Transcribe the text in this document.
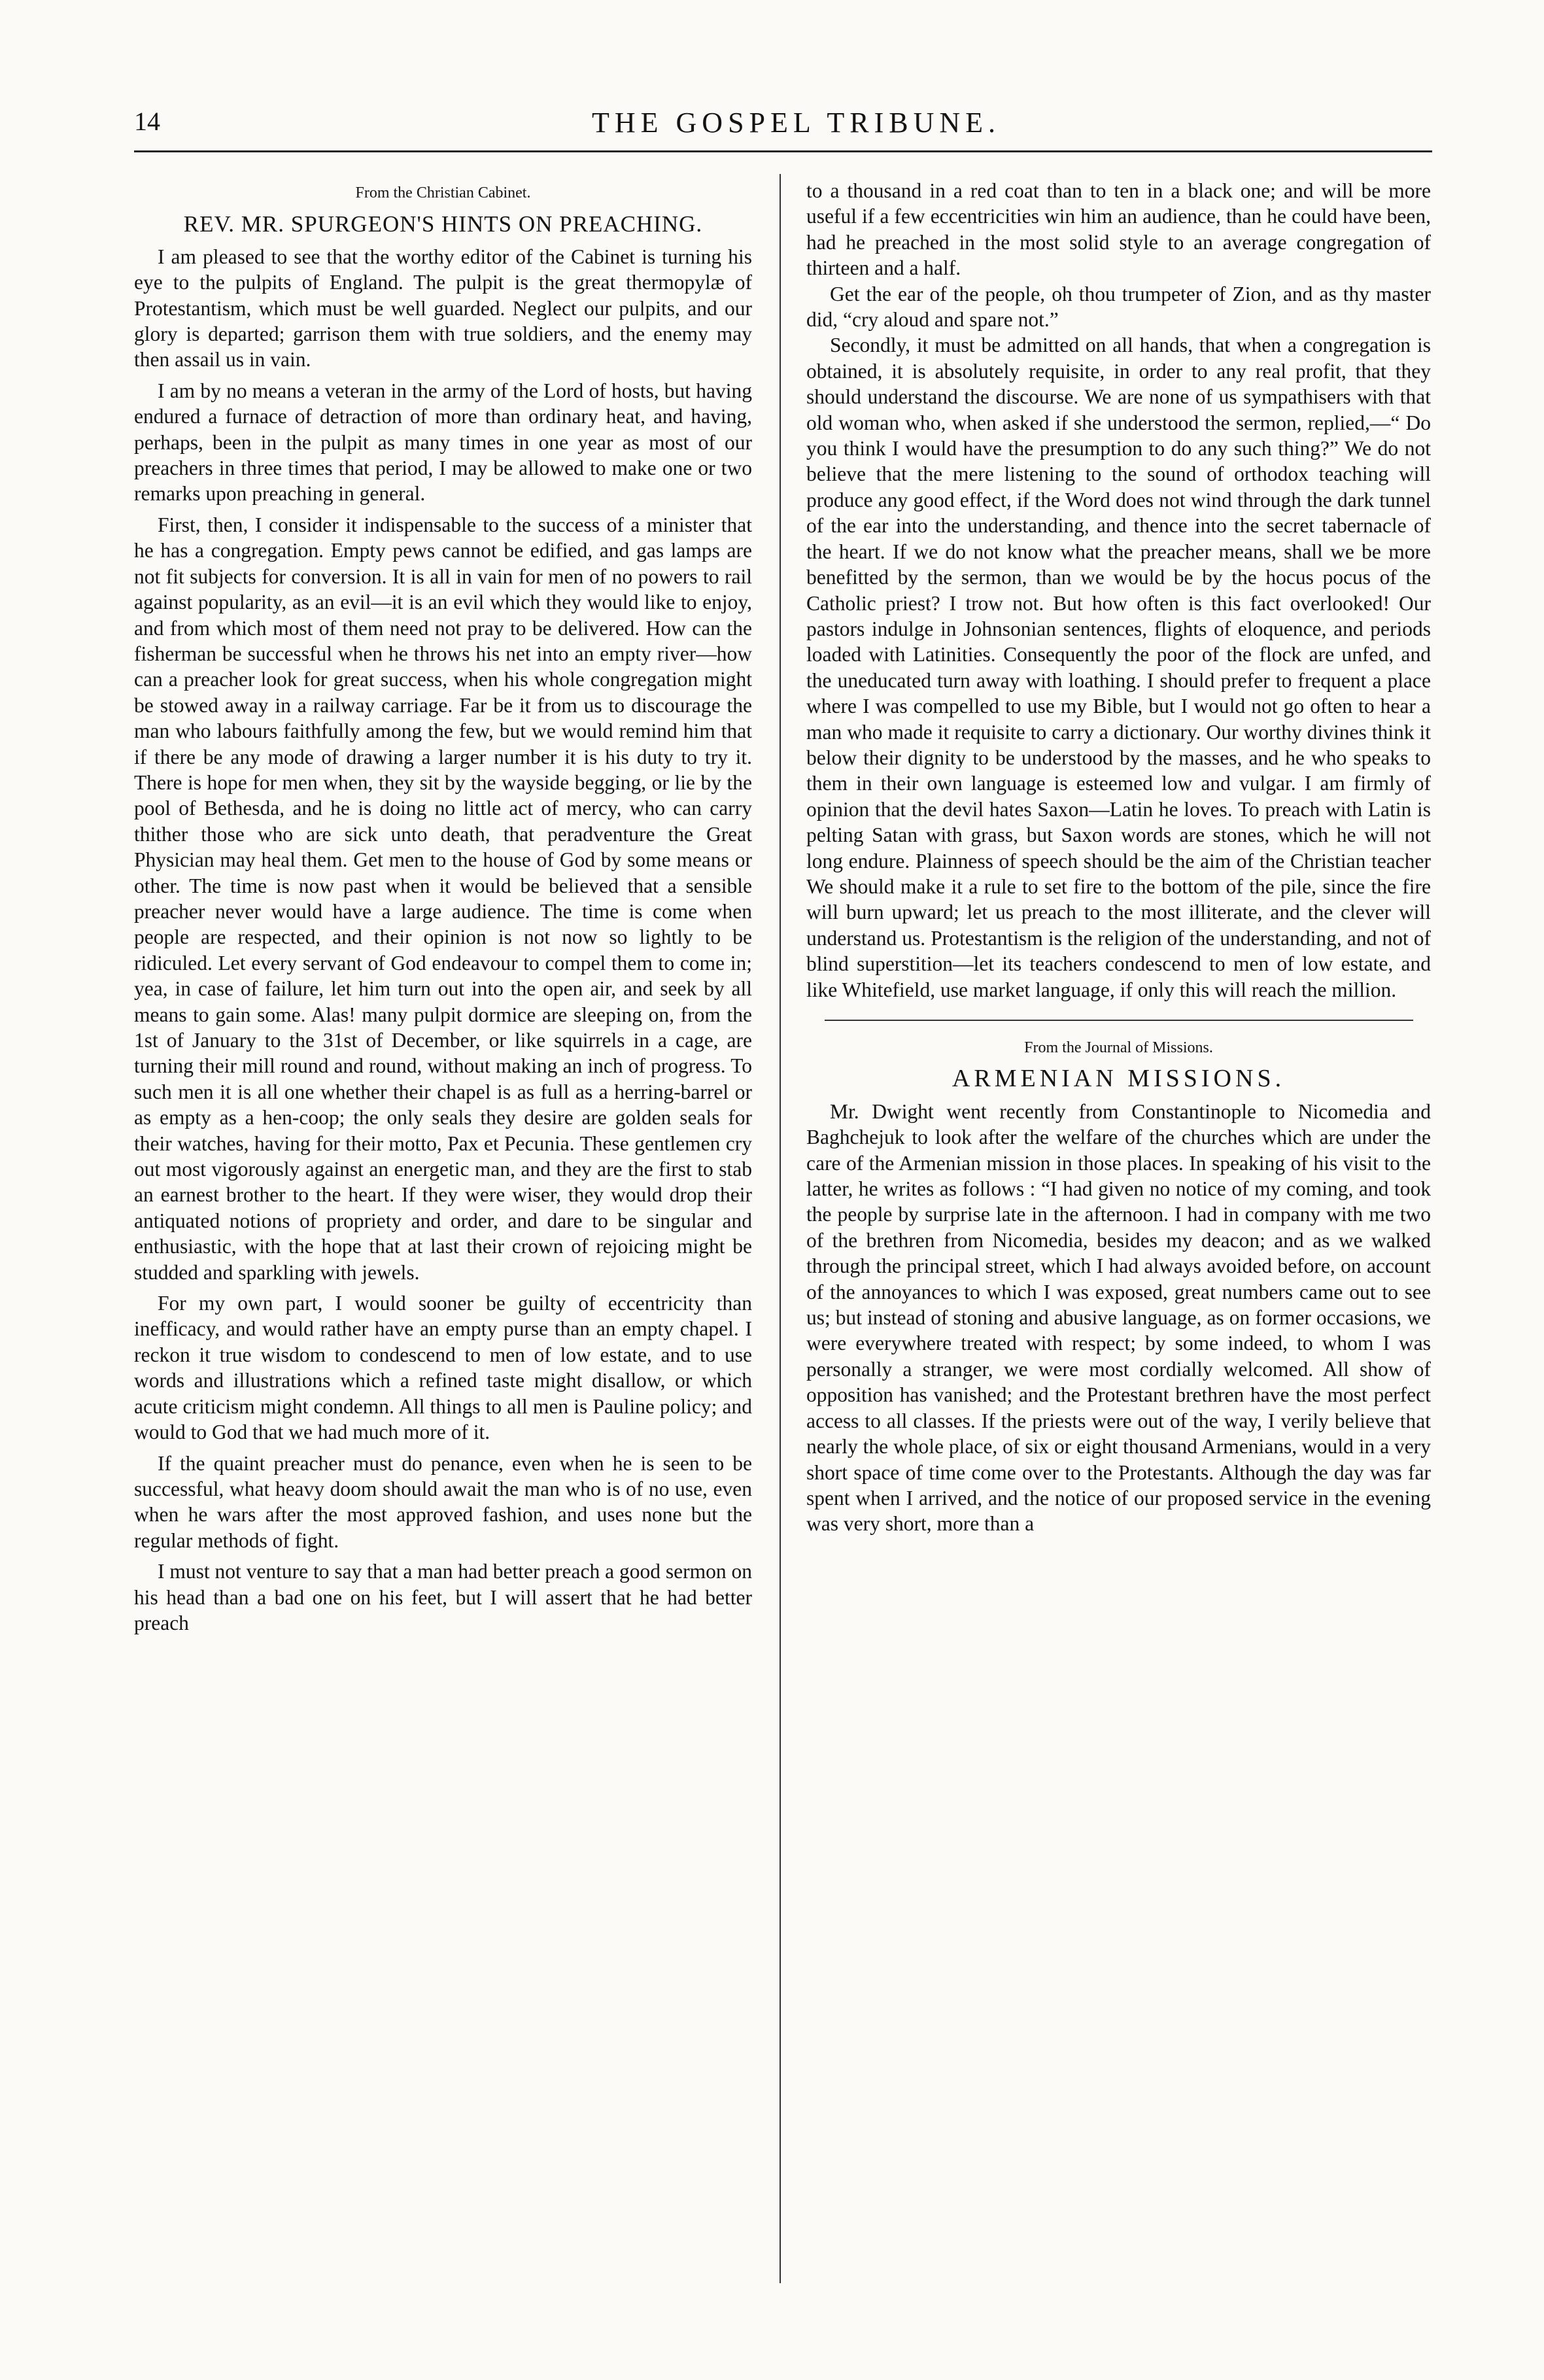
14	THE GOSPEL TRIBUNE.
From the Christian Cabinet.
REV. MR. SPURGEON'S HINTS ON PREACHING.

I am pleased to see that the worthy editor of the Cabinet is turning his eye to the pulpits of England. The pulpit is the great thermopylæ of Protestantism, which must be well guarded. Neglect our pulpits, and our glory is departed; garrison them with true soldiers, and the enemy may then assail us in vain.

I am by no means a veteran in the army of the Lord of hosts, but having endured a furnace of detraction of more than ordinary heat, and having, perhaps, been in the pulpit as many times in one year as most of our preachers in three times that period, I may be allowed to make one or two remarks upon preaching in general.

First, then, I consider it indispensable to the success of a minister that he has a congregation. Empty pews cannot be edified, and gas lamps are not fit subjects for conversion. It is all in vain for men of no powers to rail against popularity, as an evil—it is an evil which they would like to enjoy, and from which most of them need not pray to be delivered. How can the fisherman be successful when he throws his net into an empty river—how can a preacher look for great success, when his whole congregation might be stowed away in a railway carriage. Far be it from us to discourage the man who labours faithfully among the few, but we would remind him that if there be any mode of drawing a larger number it is his duty to try it. There is hope for men when, they sit by the wayside begging, or lie by the pool of Bethesda, and he is doing no little act of mercy, who can carry thither those who are sick unto death, that peradventure the Great Physician may heal them. Get men to the house of God by some means or other. The time is now past when it would be believed that a sensible preacher never would have a large audience. The time is come when people are respected, and their opinion is not now so lightly to be ridiculed. Let every servant of God endeavour to compel them to come in; yea, in case of failure, let him turn out into the open air, and seek by all means to gain some. Alas! many pulpit dormice are sleeping on, from the 1st of January to the 31st of December, or like squirrels in a cage, are turning their mill round and round, without making an inch of progress. To such men it is all one whether their chapel is as full as a herring-barrel or as empty as a hen-coop; the only seals they desire are golden seals for their watches, having for their motto, Pax et Pecunia. These gentlemen cry out most vigorously against an energetic man, and they are the first to stab an earnest brother to the heart. If they were wiser, they would drop their antiquated notions of propriety and order, and dare to be singular and enthusiastic, with the hope that at last their crown of rejoicing might be studded and sparkling with jewels.

For my own part, I would sooner be guilty of eccentricity than inefficacy, and would rather have an empty purse than an empty chapel. I reckon it true wisdom to condescend to men of low estate, and to use words and illustrations which a refined taste might disallow, or which acute criticism might condemn. All things to all men is Pauline policy; and would to God that we had much more of it.

If the quaint preacher must do penance, even when he is seen to be successful, what heavy doom should await the man who is of no use, even when he wars after the most approved fashion, and uses none but the regular methods of fight.

I must not venture to say that a man had better preach a good sermon on his head than a bad one on his feet, but I will assert that he had better preach

to a thousand in a red coat than to ten in a black one; and will be more useful if a few eccentricities win him an audience, than he could have been, had he preached in the most solid style to an average congregation of thirteen and a half.

Get the ear of the people, oh thou trumpeter of Zion, and as thy master did, “cry aloud and spare not.”

Secondly, it must be admitted on all hands, that when a congregation is obtained, it is absolutely requisite, in order to any real profit, that they should understand the discourse. We are none of us sympathisers with that old woman who, when asked if she understood the sermon, replied,—“ Do you think I would have the presumption to do any such thing?” We do not believe that the mere listening to the sound of orthodox teaching will produce any good effect, if the Word does not wind through the dark tunnel of the ear into the understanding, and thence into the secret tabernacle of the heart. If we do not know what the preacher means, shall we be more benefitted by the sermon, than we would be by the hocus pocus of the Catholic priest? I trow not. But how often is this fact overlooked! Our pastors indulge in Johnsonian sentences, flights of eloquence, and periods loaded with Latinities. Consequently the poor of the flock are unfed, and the uneducated turn away with loathing. I should prefer to frequent a place where I was compelled to use my Bible, but I would not go often to hear a man who made it requisite to carry a dictionary. Our worthy divines think it below their dignity to be understood by the masses, and he who speaks to them in their own language is esteemed low and vulgar. I am firmly of opinion that the devil hates Saxon—Latin he loves. To preach with Latin is pelting Satan with grass, but Saxon words are stones, which he will not long endure. Plainness of speech should be the aim of the Christian teacher We should make it a rule to set fire to the bottom of the pile, since the fire will burn upward; let us preach to the most illiterate, and the clever will understand us. Protestantism is the religion of the understanding, and not of blind superstition—let its teachers condescend to men of low estate, and like Whitefield, use market language, if only this will reach the million.

From the Journal of Missions.
ARMENIAN MISSIONS.

Mr. Dwight went recently from Constantinople to Nicomedia and Baghchejuk to look after the welfare of the churches which are under the care of the Armenian mission in those places. In speaking of his visit to the latter, he writes as follows : “I had given no notice of my coming, and took the people by surprise late in the afternoon. I had in company with me two of the brethren from Nicomedia, besides my deacon; and as we walked through the principal street, which I had always avoided before, on account of the annoyances to which I was exposed, great numbers came out to see us; but instead of stoning and abusive language, as on former occasions, we were everywhere treated with respect; by some indeed, to whom I was personally a stranger, we were most cordially welcomed. All show of opposition has vanished; and the Protestant brethren have the most perfect access to all classes. If the priests were out of the way, I verily believe that nearly the whole place, of six or eight thousand Armenians, would in a very short space of time come over to the Protestants. Although the day was far spent when I arrived, and the notice of our proposed service in the evening was very short, more than a
